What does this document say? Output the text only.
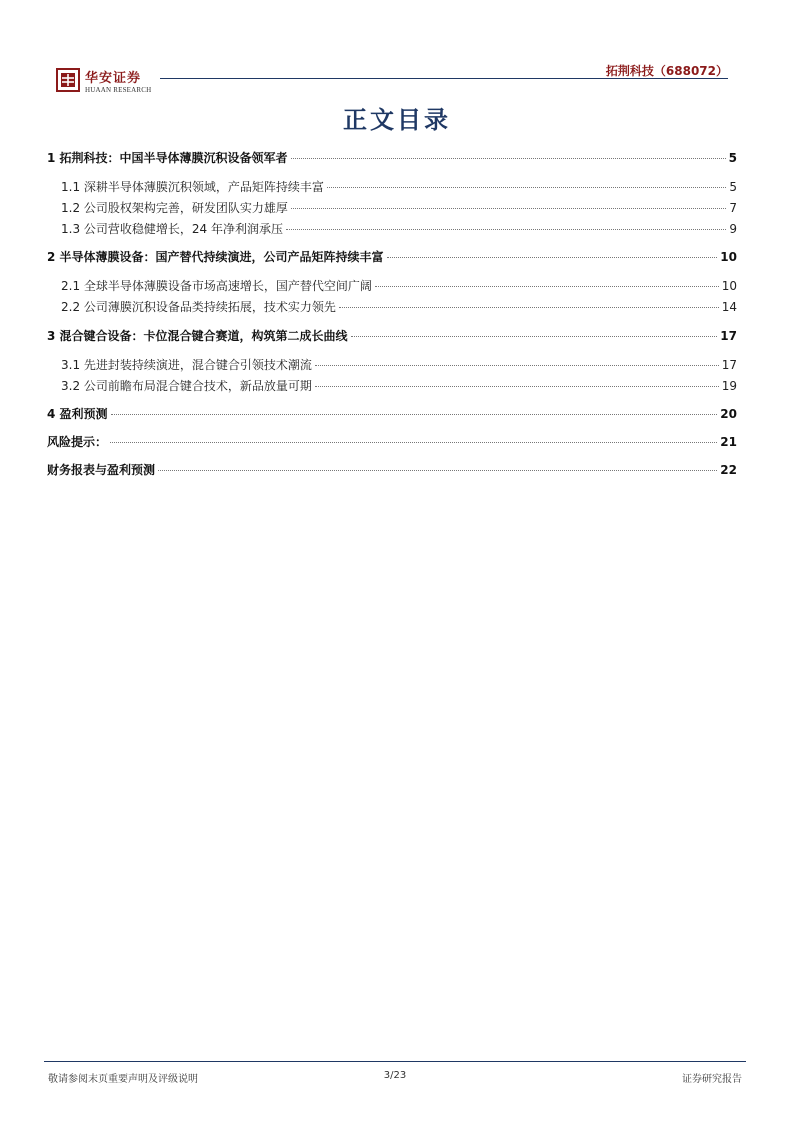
华安证券
HUAAN RESEARCH
拓荆科技（688072）
正文目录
1 拓荆科技：中国半导体薄膜沉积设备领军者	5
1.1 深耕半导体薄膜沉积领域，产品矩阵持续丰富	5
1.2 公司股权架构完善，研发团队实力雄厚	7
1.3 公司营收稳健增长，24 年净利润承压	9
2 半导体薄膜设备：国产替代持续演进，公司产品矩阵持续丰富	10
2.1 全球半导体薄膜设备市场高速增长，国产替代空间广阔	10
2.2 公司薄膜沉积设备品类持续拓展，技术实力领先	14
3 混合键合设备：卡位混合键合赛道，构筑第二成长曲线	17
3.1 先进封装持续演进，混合键合引领技术潮流	17
3.2 公司前瞻布局混合键合技术，新品放量可期	19
4 盈利预测	20
风险提示：	21
财务报表与盈利预测	22
敬请参阅末页重要声明及评级说明	3/23	证券研究报告
